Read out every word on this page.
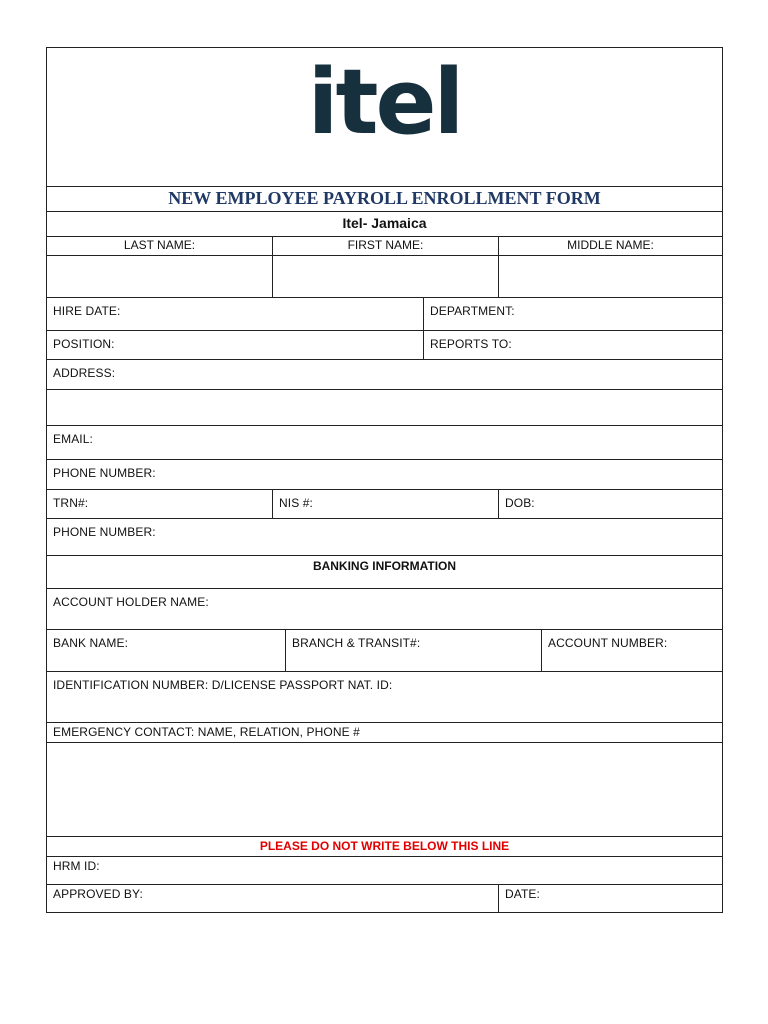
itel
NEW EMPLOYEE PAYROLL ENROLLMENT FORM
Itel- Jamaica
LAST NAME:	FIRST NAME:	MIDDLE NAME:
HIRE DATE:	DEPARTMENT:
POSITION:	REPORTS TO:
ADDRESS:
EMAIL:
PHONE NUMBER:
TRN#:	NIS #:	DOB:
PHONE NUMBER:
BANKING INFORMATION
ACCOUNT HOLDER NAME:
BANK NAME:	BRANCH & TRANSIT#:	ACCOUNT NUMBER:
IDENTIFICATION NUMBER: D/LICENSE PASSPORT NAT. ID:
EMERGENCY CONTACT: NAME, RELATION, PHONE #
PLEASE DO NOT WRITE BELOW THIS LINE
HRM ID:
APPROVED BY:	DATE:
